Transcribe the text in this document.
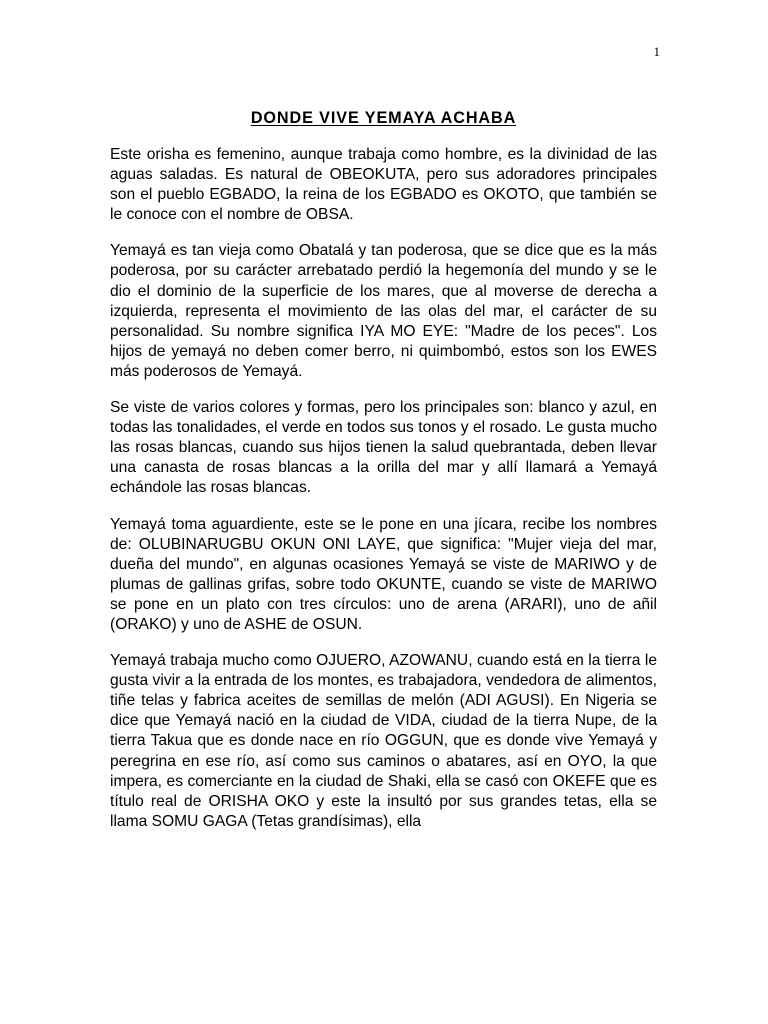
1
DONDE VIVE YEMAYA ACHABA

Este orisha es femenino, aunque trabaja como hombre, es la divinidad de las aguas saladas. Es natural de OBEOKUTA, pero sus adoradores principales son el pueblo EGBADO, la reina de los EGBADO es OKOTO, que también se le conoce con el nombre de OBSA.

Yemayá es tan vieja como Obatalá y tan poderosa, que se dice que es la más poderosa, por su carácter arrebatado perdió la hegemonía del mundo y se le dio el dominio de la superficie de los mares, que al moverse de derecha a izquierda, representa el movimiento de las olas del mar, el carácter de su personalidad. Su nombre significa IYA MO EYE: "Madre de los peces". Los hijos de yemayá no deben comer berro, ni quimbombó, estos son los EWES más poderosos de Yemayá.

Se viste de varios colores y formas, pero los principales son: blanco y azul, en todas las tonalidades, el verde en todos sus tonos y el rosado. Le gusta mucho las rosas blancas, cuando sus hijos tienen la salud quebrantada, deben llevar una canasta de rosas blancas a la orilla del mar y allí llamará a Yemayá echándole las rosas blancas.

Yemayá toma aguardiente, este se le pone en una jícara, recibe los nombres de: OLUBINARUGBU OKUN ONI LAYE, que significa: "Mujer vieja del mar, dueña del mundo", en algunas ocasiones Yemayá se viste de MARIWO y de plumas de gallinas grifas, sobre todo OKUNTE, cuando se viste de MARIWO se pone en un plato con tres círculos: uno de arena (ARARI), uno de añil (ORAKO) y uno de ASHE de OSUN.

Yemayá trabaja mucho como OJUERO, AZOWANU, cuando está en la tierra le gusta vivir a la entrada de los montes, es trabajadora, vendedora de alimentos, tiñe telas y fabrica aceites de semillas de melón (ADI AGUSI). En Nigeria se dice que Yemayá nació en la ciudad de VIDA, ciudad de la tierra Nupe, de la tierra Takua que es donde nace en río OGGUN, que es donde vive Yemayá y peregrina en ese río, así como sus caminos o abatares, así en OYO, la que impera, es comerciante en la ciudad de Shaki, ella se casó con OKEFE que es título real de ORISHA OKO y este la insultó por sus grandes tetas, ella se llama SOMU GAGA (Tetas grandísimas), ella
